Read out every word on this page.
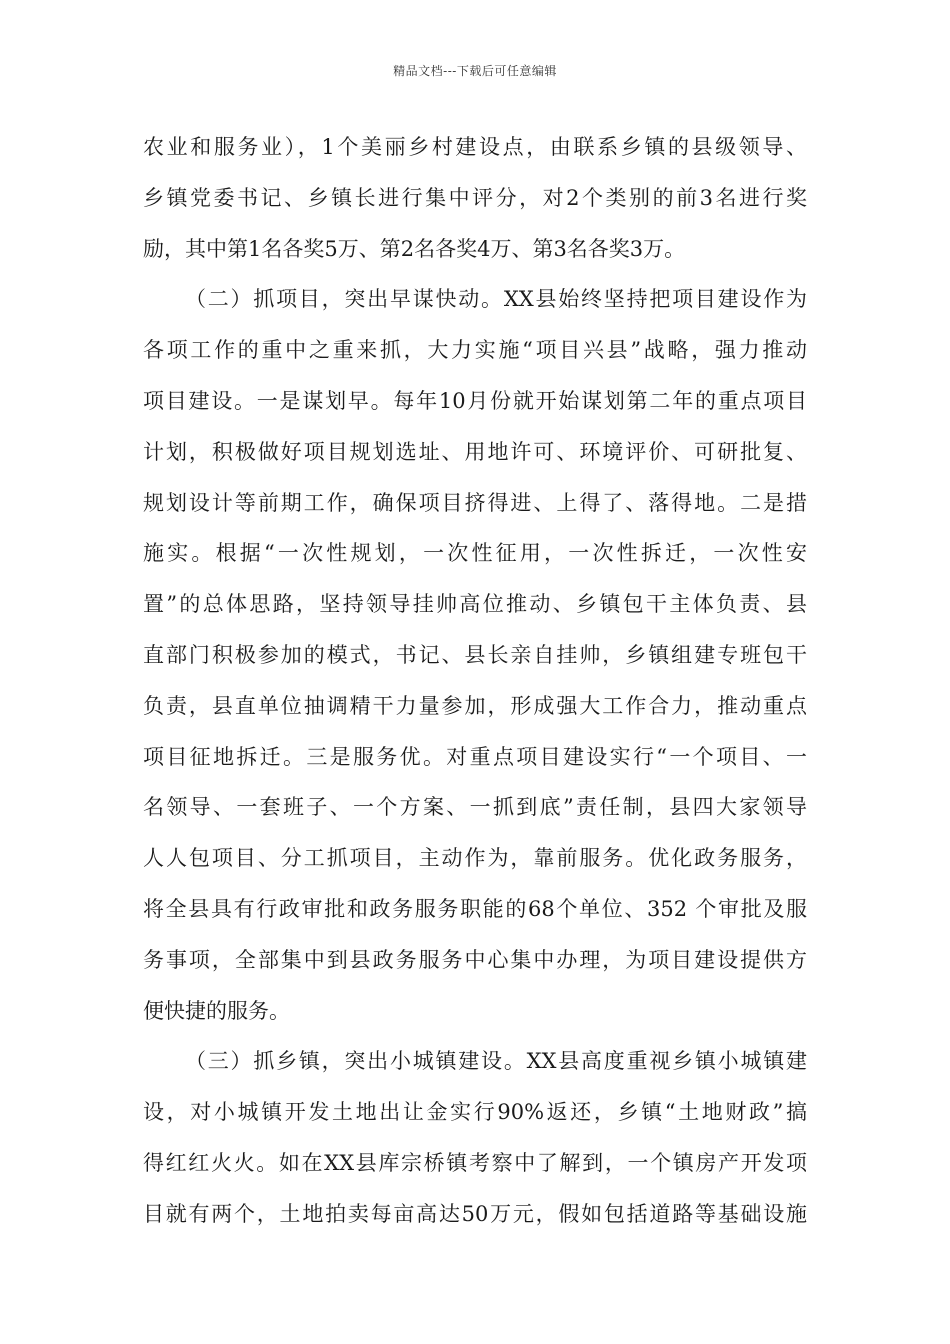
精品文档---下载后可任意编辑
农业和服务业），1个美丽乡村建设点，由联系乡镇的县级领导、
乡镇党委书记、乡镇长进行集中评分，对2个类别的前3名进行奖
励，其中第1名各奖5万、第2名各奖4万、第3名各奖3万。
（二）抓项目，突出早谋快动。XX县始终坚持把项目建设作为
各项工作的重中之重来抓，大力实施“项目兴县”战略，强力推动
项目建设。一是谋划早。每年10月份就开始谋划第二年的重点项目
计划，积极做好项目规划选址、用地许可、环境评价、可研批复、
规划设计等前期工作，确保项目挤得进、上得了、落得地。二是措
施实。根据“一次性规划，一次性征用，一次性拆迁，一次性安
置”的总体思路，坚持领导挂帅高位推动、乡镇包干主体负责、县
直部门积极参加的模式，书记、县长亲自挂帅，乡镇组建专班包干
负责，县直单位抽调精干力量参加，形成强大工作合力，推动重点
项目征地拆迁。三是服务优。对重点项目建设实行“一个项目、一
名领导、一套班子、一个方案、一抓到底”责任制，县四大家领导
人人包项目、分工抓项目，主动作为，靠前服务。优化政务服务，
将全县具有行政审批和政务服务职能的68个单位、352 个审批及服
务事项，全部集中到县政务服务中心集中办理，为项目建设提供方
便快捷的服务。
（三）抓乡镇，突出小城镇建设。XX县高度重视乡镇小城镇建
设，对小城镇开发土地出让金实行90%返还，乡镇“土地财政”搞
得红红火火。如在XX县库宗桥镇考察中了解到，一个镇房产开发项
目就有两个，土地拍卖每亩高达50万元，假如包括道路等基础设施
